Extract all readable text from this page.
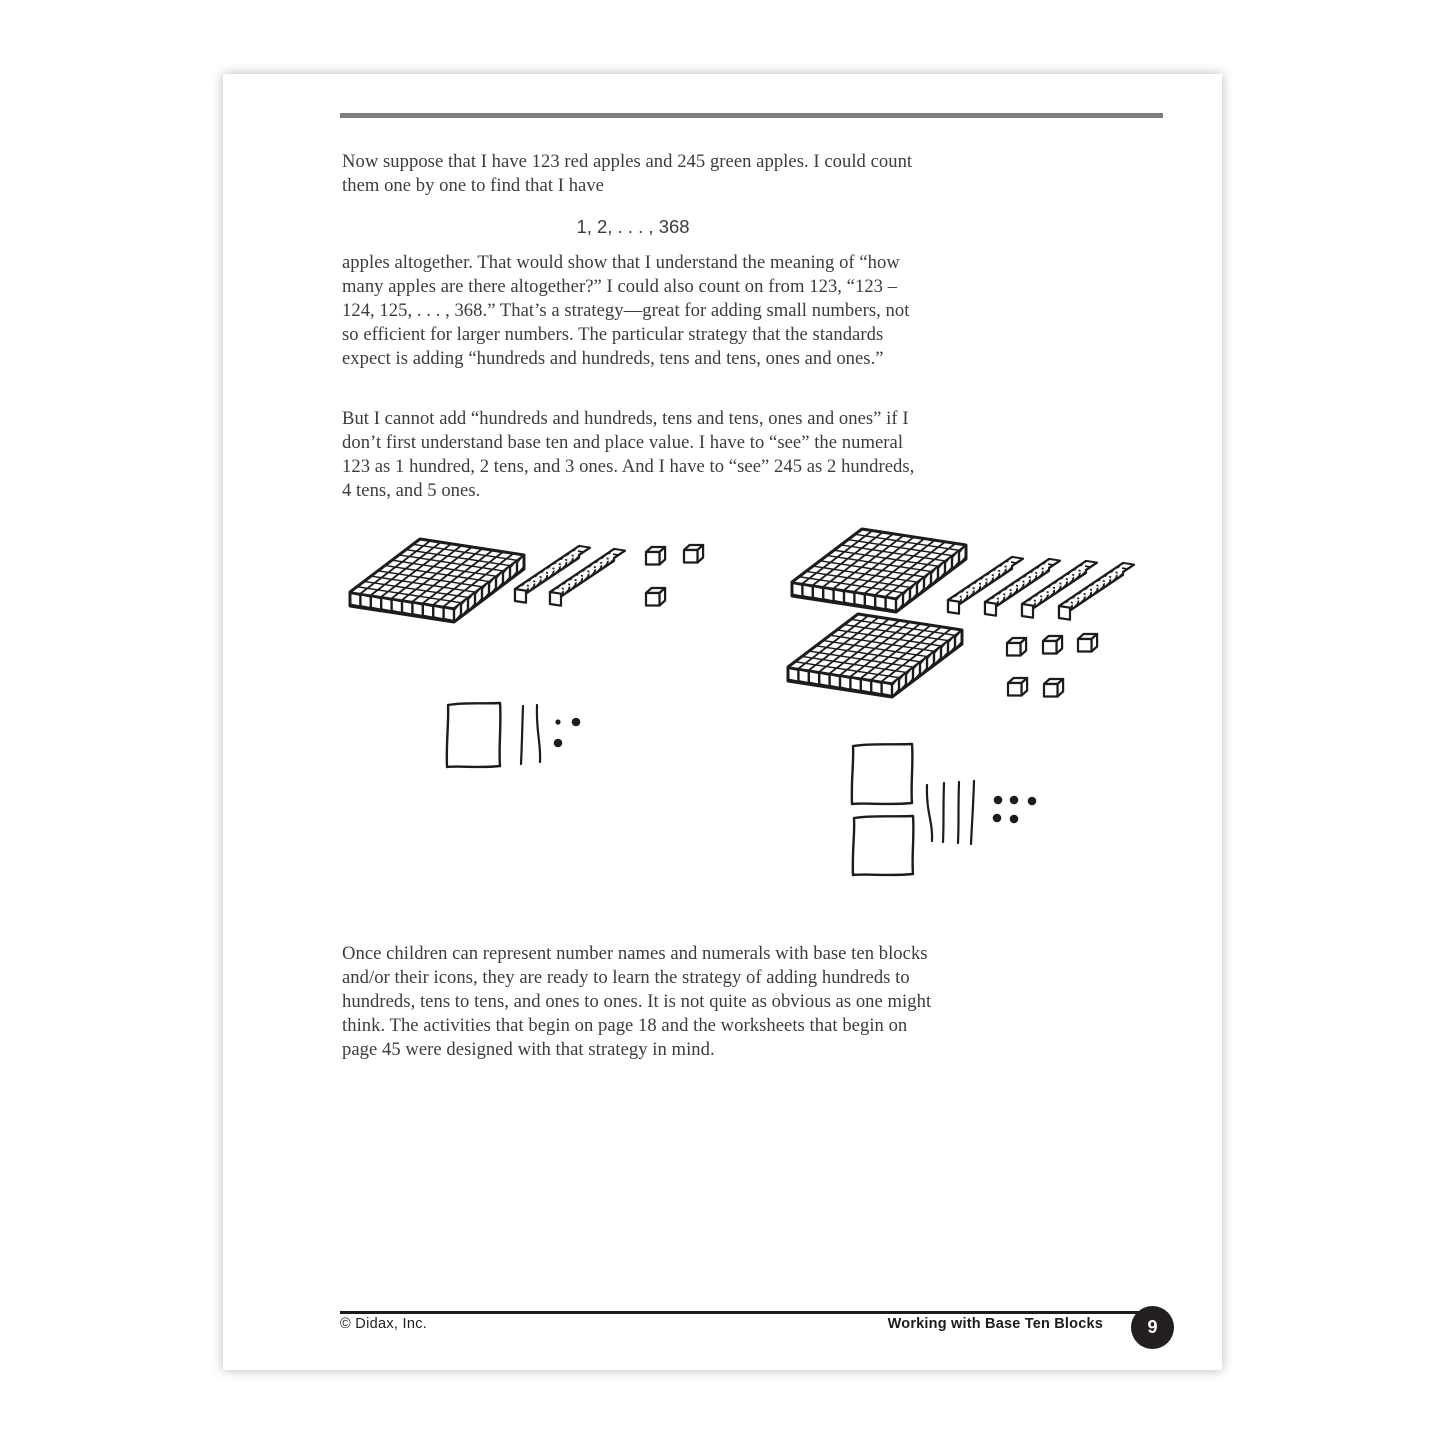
Now suppose that I have 123 red apples and 245 green apples. I could count them one by one to find that I have

1, 2, . . . , 368

apples altogether. That would show that I understand the meaning of “how many apples are there altogether?” I could also count on from 123, “123 – 124, 125, . . . , 368.” That’s a strategy—great for adding small numbers, not so efficient for larger numbers. The particular strategy that the standards expect is adding “hundreds and hundreds, tens and tens, ones and ones.”

But I cannot add “hundreds and hundreds, tens and tens, ones and ones” if I don’t first understand base ten and place value. I have to “see” the numeral 123 as 1 hundred, 2 tens, and 3 ones. And I have to “see” 245 as 2 hundreds, 4 tens, and 5 ones.

Once children can represent number names and numerals with base ten blocks and/or their icons, they are ready to learn the strategy of adding hundreds to hundreds, tens to tens, and ones to ones. It is not quite as obvious as one might think. The activities that begin on page 18 and the worksheets that begin on page 45 were designed with that strategy in mind.

© Didax, Inc.	Working with Base Ten Blocks 9
